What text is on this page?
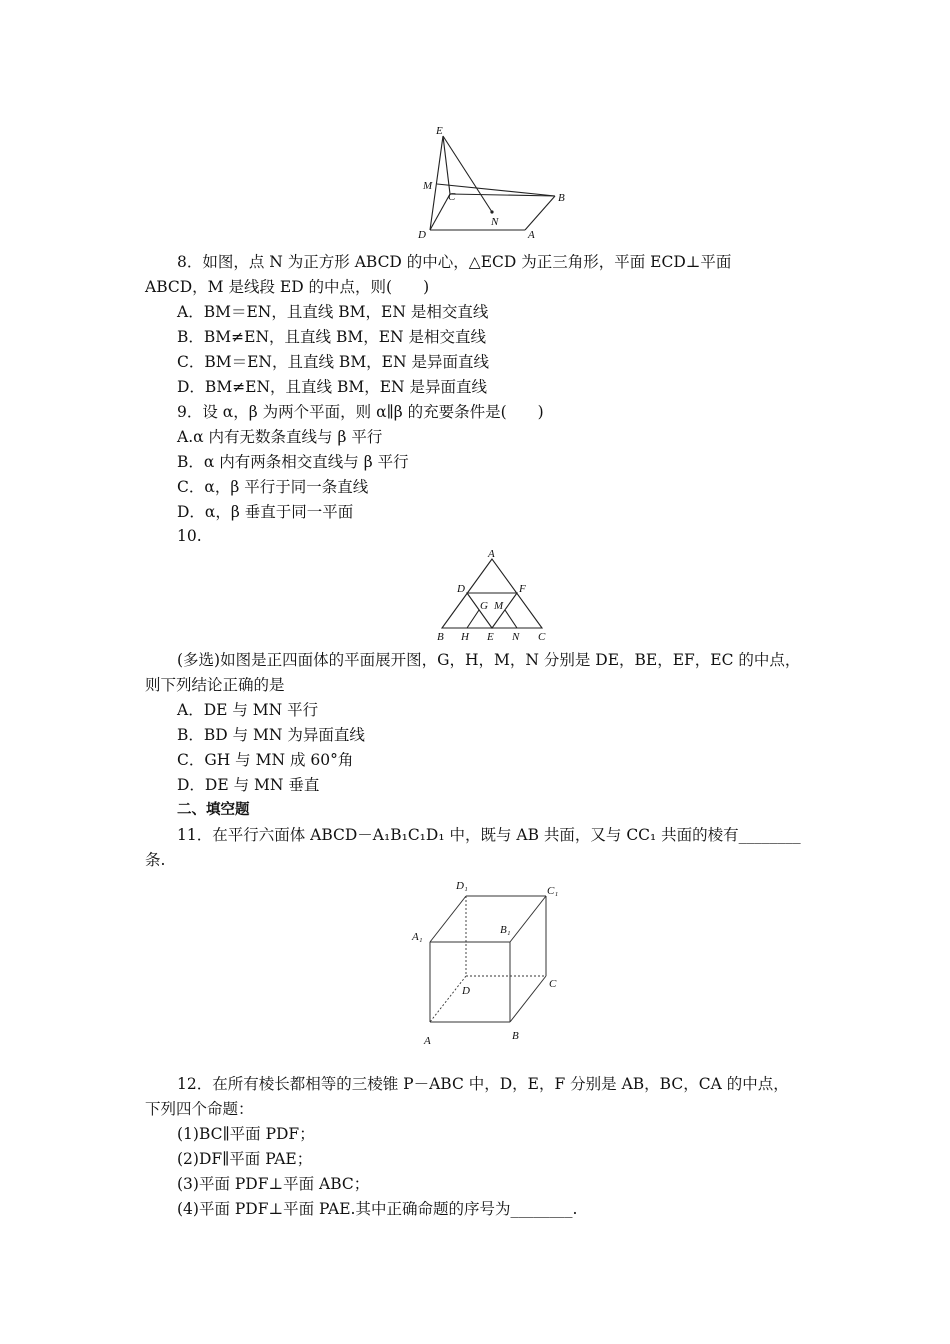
E
M
C	B
N
D	A
8．如图，点 N 为正方形 ABCD 的中心，△ECD 为正三角形，平面 ECD⊥平面
ABCD，M 是线段 ED 的中点，则(　　)
A．BM＝EN，且直线 BM，EN 是相交直线
B．BM≠EN，且直线 BM，EN 是相交直线
C．BM＝EN，且直线 BM，EN 是异面直线
D．BM≠EN，且直线 BM，EN 是异面直线
9．设 α，β 为两个平面，则 α∥β 的充要条件是(　　)
A.α 内有无数条直线与 β 平行
B．α 内有两条相交直线与 β 平行
C．α，β 平行于同一条直线
D．α，β 垂直于同一平面
10.
A
D	F
G M
B H E N C
(多选)如图是正四面体的平面展开图，G，H，M，N 分别是 DE，BE，EF，EC 的中点，
则下列结论正确的是
A．DE 与 MN 平行
B．BD 与 MN 为异面直线
C．GH 与 MN 成 60°角
D．DE 与 MN 垂直
二、填空题
11．在平行六面体 ABCD－A₁B₁C₁D₁ 中，既与 AB 共面，又与 CC₁ 共面的棱有________
条.
D₁	C₁
A₁
B₁
C
D
A	B
12．在所有棱长都相等的三棱锥 P－ABC 中，D，E，F 分别是 AB，BC，CA 的中点，
下列四个命题：
(1)BC∥平面 PDF；
(2)DF∥平面 PAE；
(3)平面 PDF⊥平面 ABC；
(4)平面 PDF⊥平面 PAE.其中正确命题的序号为________.
